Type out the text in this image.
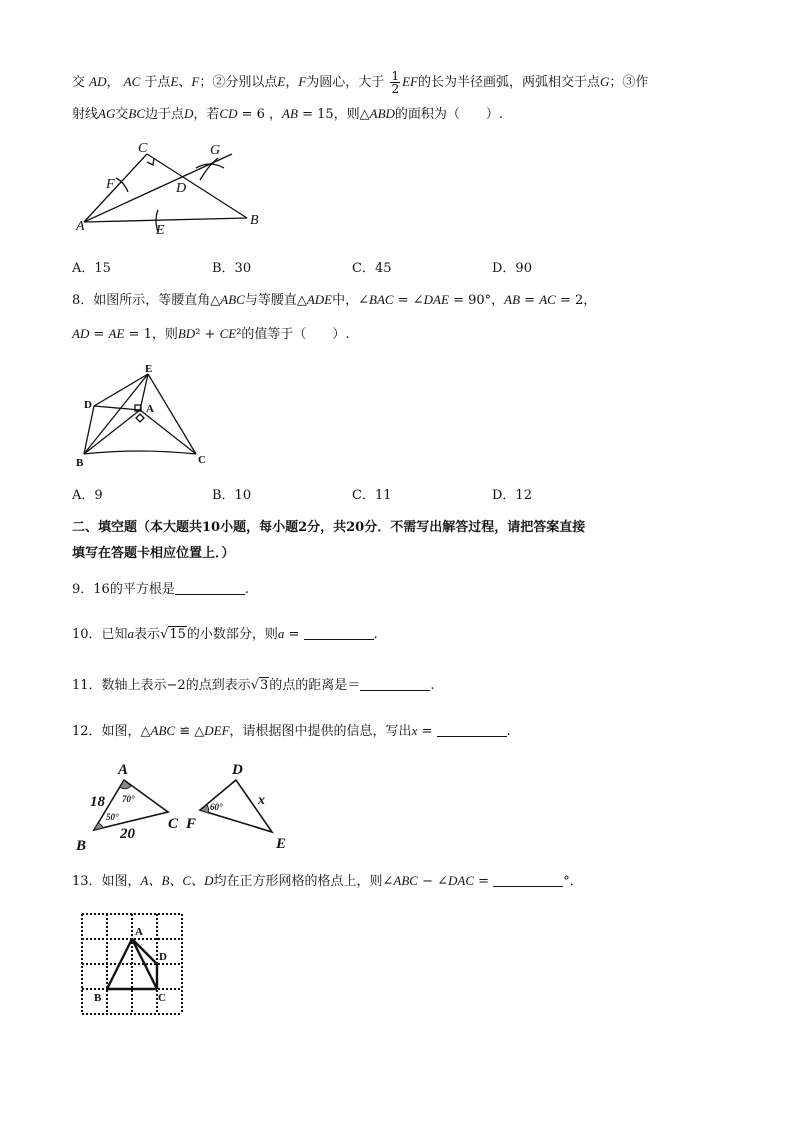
交 AD， AC 于点E、F；②分别以点E，F为圆心，大于 $\frac{1}{2}$ EF的长为半径画弧，两弧相交于点G；③作
射线AG交BC边于点D，若CD = 6 ，AB = 15，则△ABD的面积为（　　）.
C	G
F	D
A	B
E
A．15	B．30	C．45	D．90
8．如图所示，等腰直角△ABC与等腰直△ADE中，∠BAC = ∠DAE = 90°，AB = AC = 2，
AD = AE = 1，则BD² + CE²的值等于（　　）.
E
D	A
B	C
A．9	B．10	C．11	D．12
二、填空题（本大题共10小题，每小题2分，共20分．不需写出解答过程，请把答案直接
填写在答题卡相应位置上．）
9．16的平方根是	.
10．已知a表示√15的小数部分，则a =	.
11．数轴上表示−2的点到表示√3的点的距离是＝	.
12．如图，△ABC ≌ △DEF，请根据图中提供的信息，写出x =	.
A
B
C
18
20
70°
50°
D
E
F
x
60°
13．如图，A、B、C、D均在正方形网格的格点上，则∠ABC − ∠DAC =	°．
A
B	C
D
